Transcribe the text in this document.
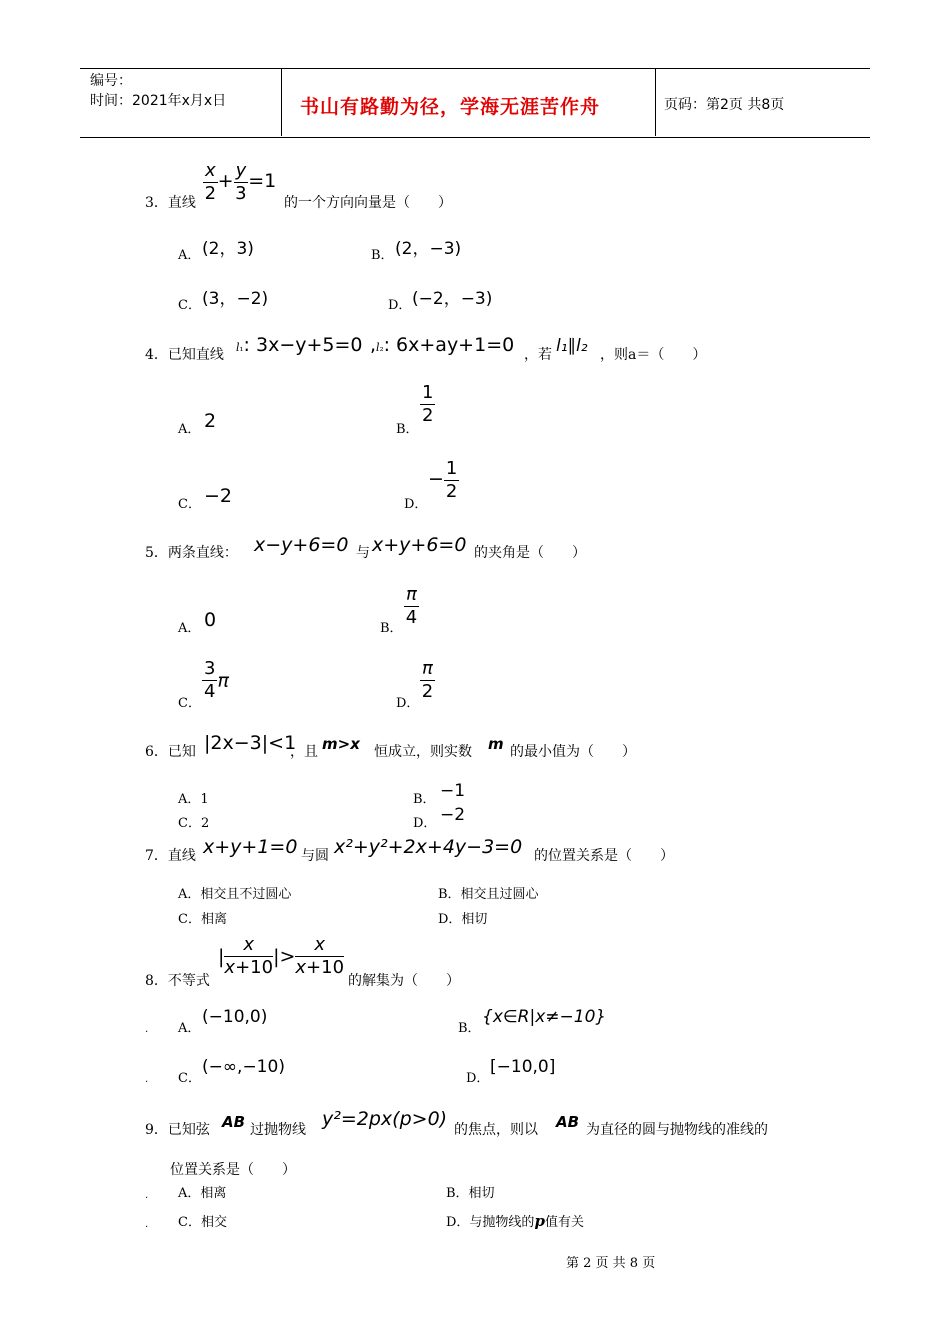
编号：
时间：2021年x月x日	书山有路勤为径，学海无涯苦作舟	页码：第2页 共8页
3．直线 $\frac{x}{2} + \frac{y}{3} =1$
的一个方向向量是（　　）
A． (2，3)	B． (2，−3)
C． (3，−2)	D． (−2，−3)
4．已知直线 l₁: 3x−y+5=0 ,l₂: 6x+ay+1=0 ，若 l₁∥l₂ ，则a＝（　　）
A． 2	B．
$\frac{1}{2}$
C． −2	D．
− $\frac{1}{2}$
5．两条直线： x−y+6=0 与 x+y+6=0 的夹角是（　　）
A． 0	B． $\frac{\pi}{4}$
C．
$\frac{3}{4}$ π
D．
$\frac{\pi}{2}$
6．已知 |2x−3|<1
，且 m>x 恒成立，则实数 m 的最小值为（　　）
A．1	B． −1
C．2	D． −2
7．直线 x+y+1=0 与圆 x²+y²+2x+4y−3=0 的位置关系是（　　）
A．相交且不过圆心	B．相交且过圆心
C．相离	D．相切
8．不等式
| $\frac{x}{x+10}$ |> $\frac{x}{x+10}$
的解集为（　　）
A．
(−10,0)
B．
{x∈R|x≠−10}
C．
(−∞,−10)
D．
[−10,0]
9．已知弦 AB 过抛物线 y²=2px(p>0) 的焦点，则以 AB 为直径的圆与抛物线的准线的
位置关系是（　　）
A．相离	B．相切
C．相交	D．与抛物线的p值有关
.
.
.
.
第 2 页 共 8 页
